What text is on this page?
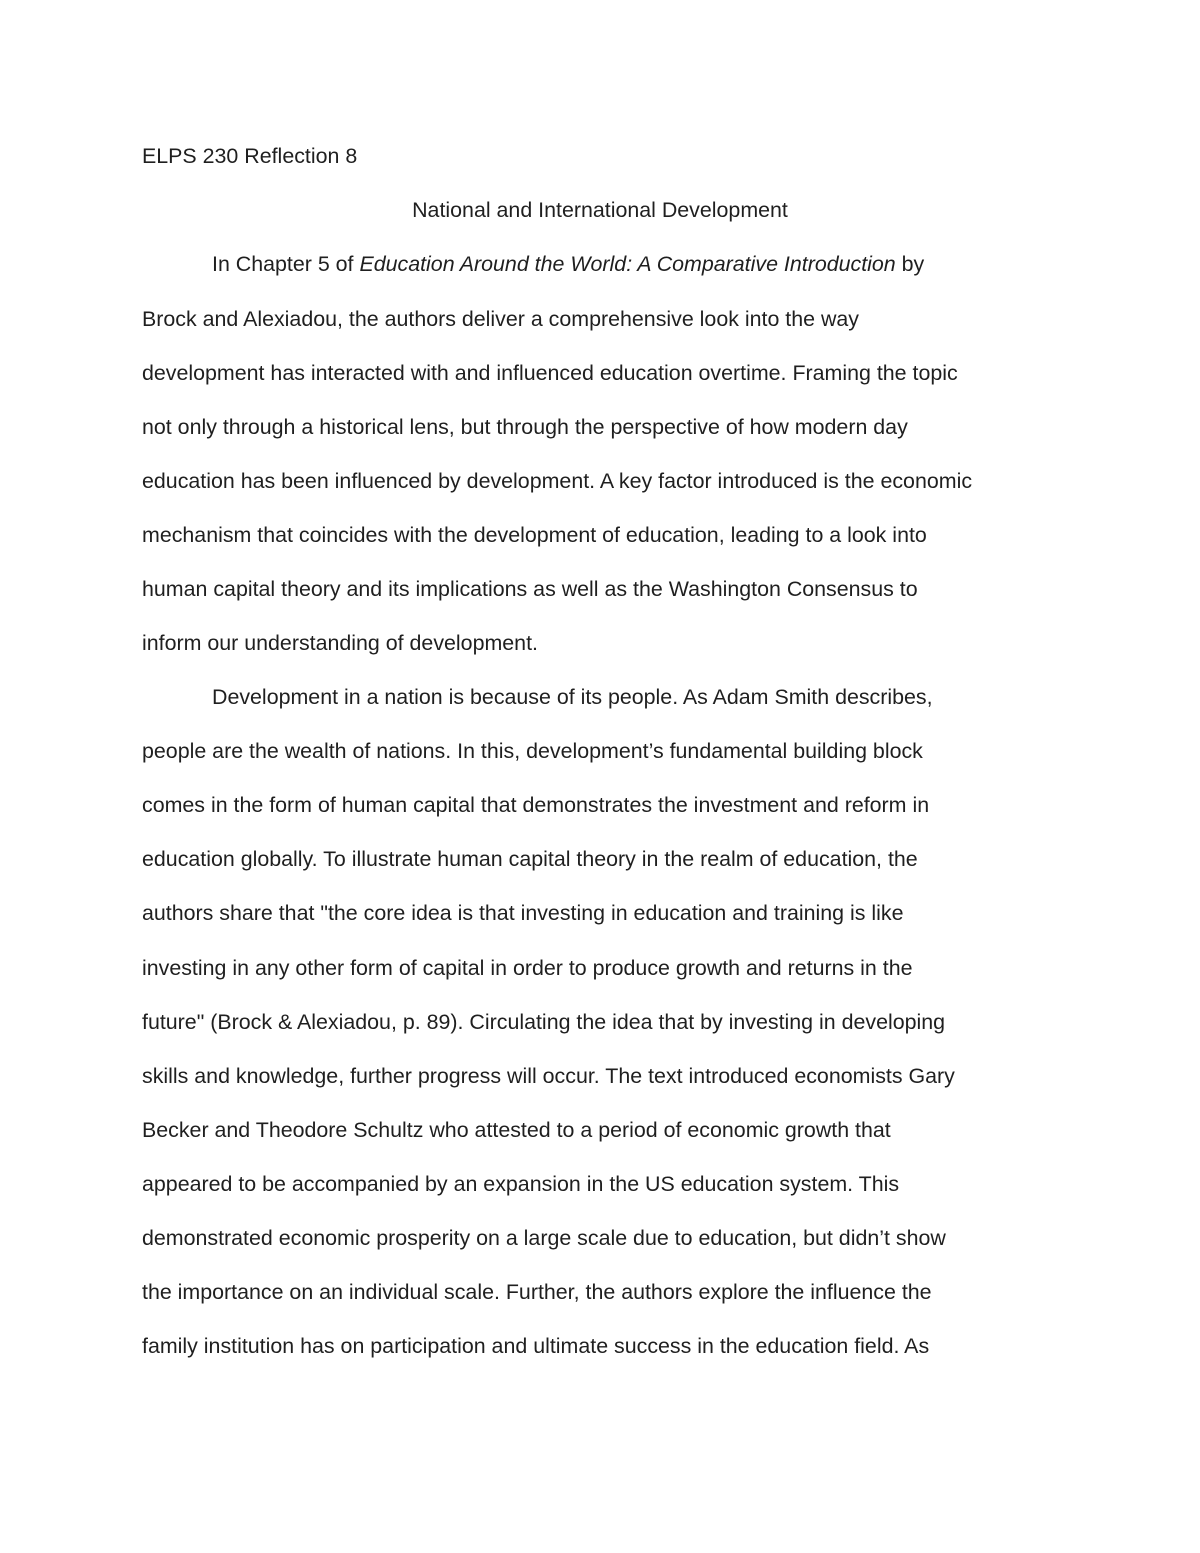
ELPS 230 Reflection 8
National and International Development
In Chapter 5 of Education Around the World: A Comparative Introduction by
Brock and Alexiadou, the authors deliver a comprehensive look into the way
development has interacted with and influenced education overtime. Framing the topic
not only through a historical lens, but through the perspective of how modern day
education has been influenced by development. A key factor introduced is the economic
mechanism that coincides with the development of education, leading to a look into
human capital theory and its implications as well as the Washington Consensus to
inform our understanding of development.
Development in a nation is because of its people. As Adam Smith describes,
people are the wealth of nations. In this, development’s fundamental building block
comes in the form of human capital that demonstrates the investment and reform in
education globally. To illustrate human capital theory in the realm of education, the
authors share that "the core idea is that investing in education and training is like
investing in any other form of capital in order to produce growth and returns in the
future" (Brock & Alexiadou, p. 89). Circulating the idea that by investing in developing
skills and knowledge, further progress will occur. The text introduced economists Gary
Becker and Theodore Schultz who attested to a period of economic growth that
appeared to be accompanied by an expansion in the US education system. This
demonstrated economic prosperity on a large scale due to education, but didn’t show
the importance on an individual scale. Further, the authors explore the influence the
family institution has on participation and ultimate success in the education field. As
